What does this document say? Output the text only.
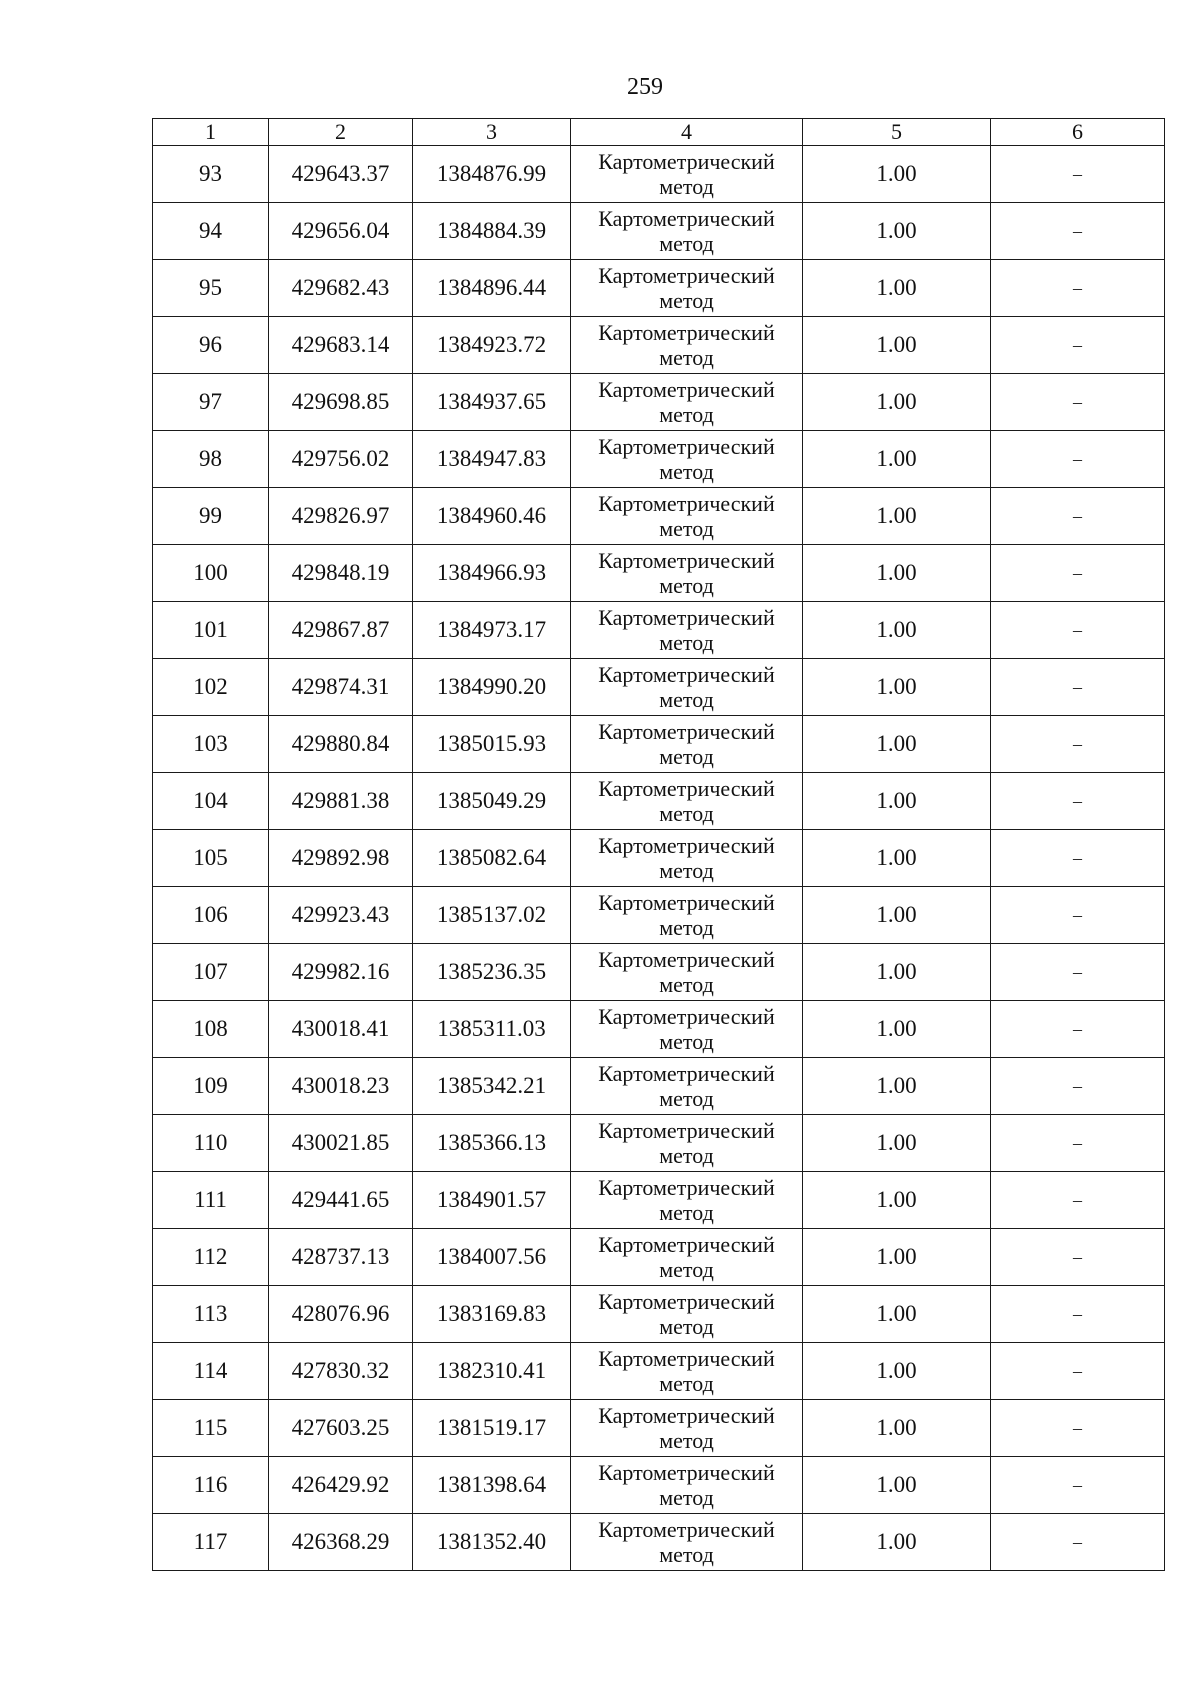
259
1	2	3	4	5	6
93	429643.37	1384876.99	Картометрический метод	1.00	–
94	429656.04	1384884.39	Картометрический метод	1.00	–
95	429682.43	1384896.44	Картометрический метод	1.00	–
96	429683.14	1384923.72	Картометрический метод	1.00	–
97	429698.85	1384937.65	Картометрический метод	1.00	–
98	429756.02	1384947.83	Картометрический метод	1.00	–
99	429826.97	1384960.46	Картометрический метод	1.00	–
100	429848.19	1384966.93	Картометрический метод	1.00	–
101	429867.87	1384973.17	Картометрический метод	1.00	–
102	429874.31	1384990.20	Картометрический метод	1.00	–
103	429880.84	1385015.93	Картометрический метод	1.00	–
104	429881.38	1385049.29	Картометрический метод	1.00	–
105	429892.98	1385082.64	Картометрический метод	1.00	–
106	429923.43	1385137.02	Картометрический метод	1.00	–
107	429982.16	1385236.35	Картометрический метод	1.00	–
108	430018.41	1385311.03	Картометрический метод	1.00	–
109	430018.23	1385342.21	Картометрический метод	1.00	–
110	430021.85	1385366.13	Картометрический метод	1.00	–
111	429441.65	1384901.57	Картометрический метод	1.00	–
112	428737.13	1384007.56	Картометрический метод	1.00	–
113	428076.96	1383169.83	Картометрический метод	1.00	–
114	427830.32	1382310.41	Картометрический метод	1.00	–
115	427603.25	1381519.17	Картометрический метод	1.00	–
116	426429.92	1381398.64	Картометрический метод	1.00	–
117	426368.29	1381352.40	Картометрический метод	1.00	–
